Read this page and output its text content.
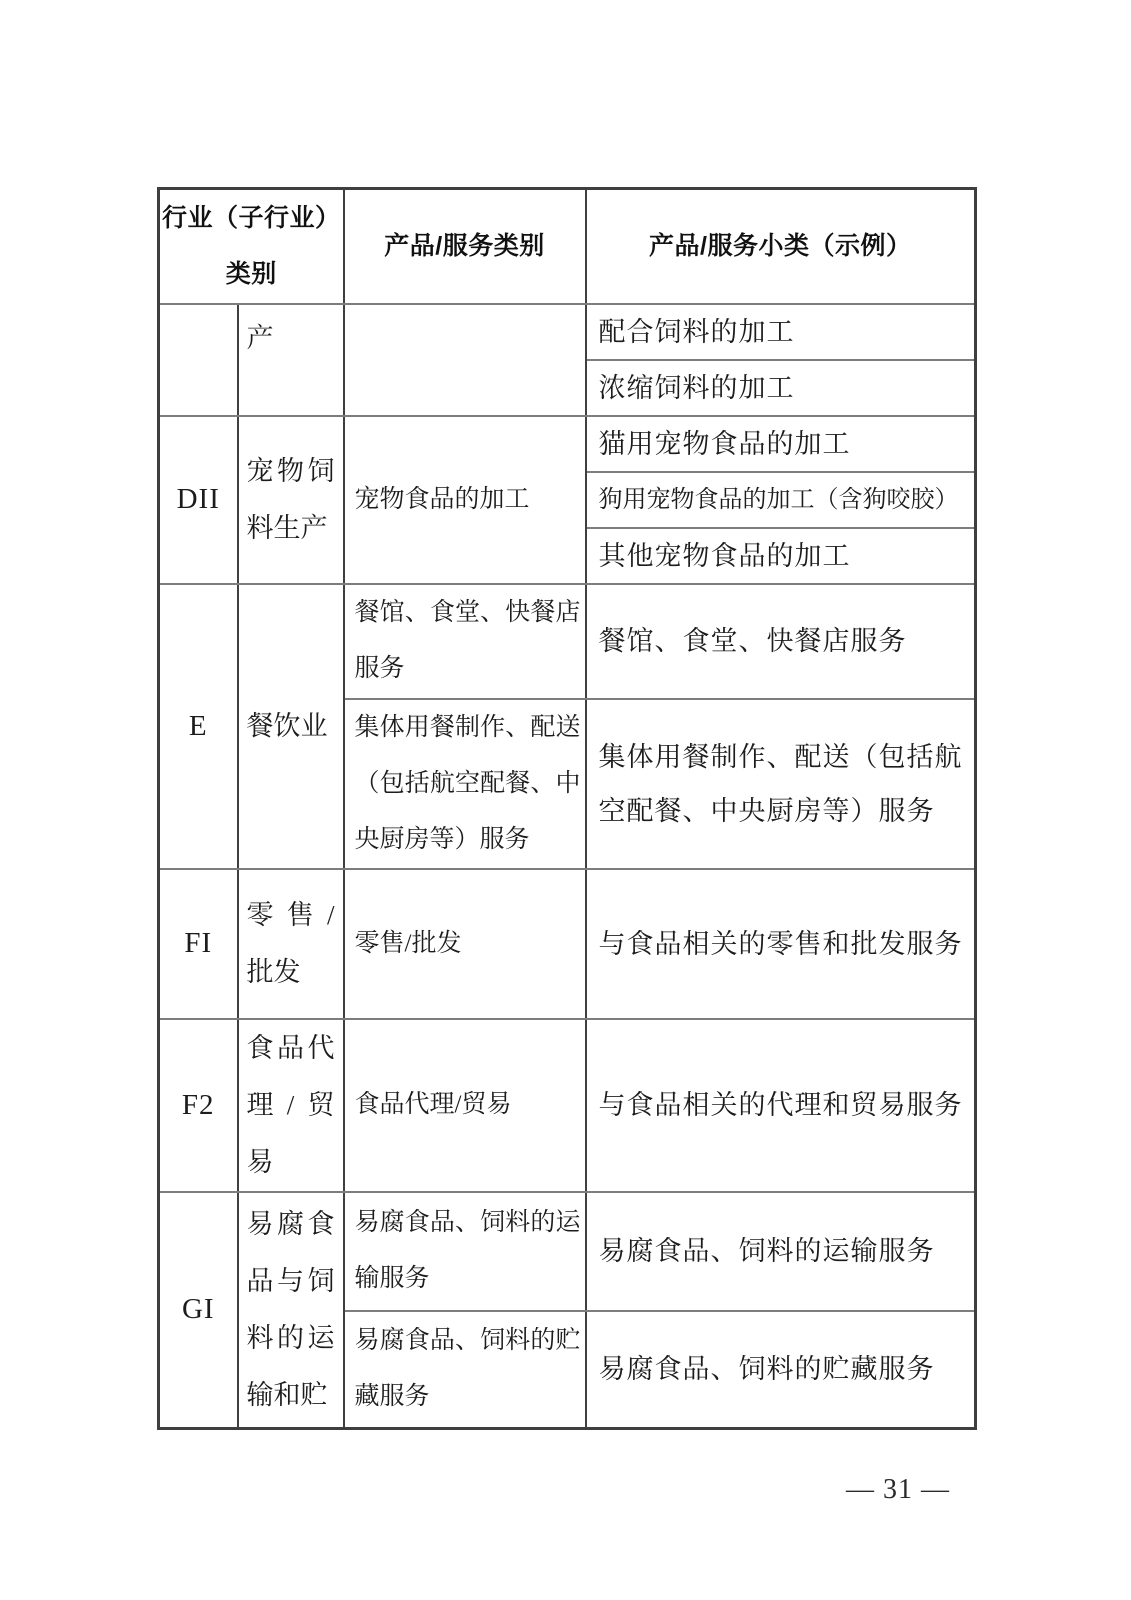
行业（子行业）类别		产品/服务类别	产品/服务小类（示例）
	产		配合饲料的加工
			浓缩饲料的加工
DII	宠物饲料生产	宠物食品的加工	猫用宠物食品的加工
			狗用宠物食品的加工（含狗咬胶）
			其他宠物食品的加工
E	餐饮业	餐馆、食堂、快餐店服务	餐馆、食堂、快餐店服务
		集体用餐制作、配送（包括航空配餐、中央厨房等）服务	集体用餐制作、配送（包括航空配餐、中央厨房等）服务
FI	零售/批发	零售/批发	与食品相关的零售和批发服务
F2	食品代理/贸易	食品代理/贸易	与食品相关的代理和贸易服务
GI	易腐食品与饲料的运输和贮	易腐食品、饲料的运输服务	易腐食品、饲料的运输服务
		易腐食品、饲料的贮藏服务	易腐食品、饲料的贮藏服务
— 31 —
